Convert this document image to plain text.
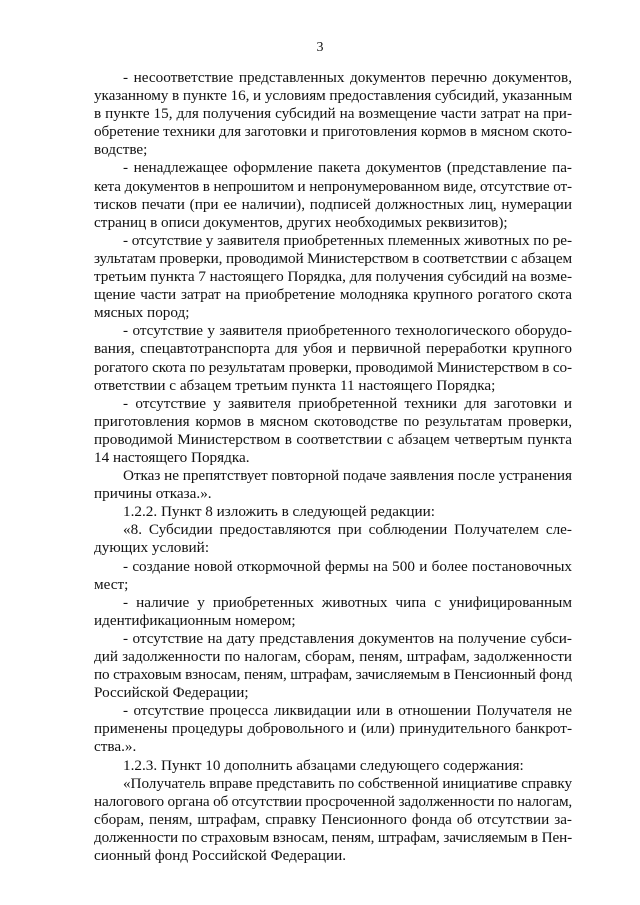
3
- несоответствие представленных документов перечню документов,
указанному в пункте 16, и условиям предоставления субсидий, указанным
в пункте 15, для получения субсидий на возмещение части затрат на при-
обретение техники для заготовки и приготовления кормов в мясном ското-
водстве;
- ненадлежащее оформление пакета документов (представление па-
кета документов в непрошитом и непронумерованном виде, отсутствие от-
тисков печати (при ее наличии), подписей должностных лиц, нумерации
страниц в описи документов, других необходимых реквизитов);
- отсутствие у заявителя приобретенных племенных животных по ре-
зультатам проверки, проводимой Министерством в соответствии с абзацем
третьим пункта 7 настоящего Порядка, для получения субсидий на возме-
щение части затрат на приобретение молодняка крупного рогатого скота
мясных пород;
- отсутствие у заявителя приобретенного технологического оборудо-
вания, спецавтотранспорта для убоя и первичной переработки крупного
рогатого скота по результатам проверки, проводимой Министерством в со-
ответствии с абзацем третьим пункта 11 настоящего Порядка;
- отсутствие у заявителя приобретенной техники для заготовки и
приготовления кормов в мясном скотоводстве по результатам проверки,
проводимой Министерством в соответствии с абзацем четвертым пункта
14 настоящего Порядка.
Отказ не препятствует повторной подаче заявления после устранения
причины отказа.».
1.2.2. Пункт 8 изложить в следующей редакции:
«8. Субсидии предоставляются при соблюдении Получателем сле-
дующих условий:
- создание новой откормочной фермы на 500 и более постановочных
мест;
- наличие у приобретенных животных чипа с унифицированным
идентификационным номером;
- отсутствие на дату представления документов на получение субси-
дий задолженности по налогам, сборам, пеням, штрафам, задолженности
по страховым взносам, пеням, штрафам, зачисляемым в Пенсионный фонд
Российской Федерации;
- отсутствие процесса ликвидации или в отношении Получателя не
применены процедуры добровольного и (или) принудительного банкрот-
ства.».
1.2.3. Пункт 10 дополнить абзацами следующего содержания:
«Получатель вправе представить по собственной инициативе справку
налогового органа об отсутствии просроченной задолженности по налогам,
сборам, пеням, штрафам, справку Пенсионного фонда об отсутствии за-
долженности по страховым взносам, пеням, штрафам, зачисляемым в Пен-
сионный фонд Российской Федерации.
